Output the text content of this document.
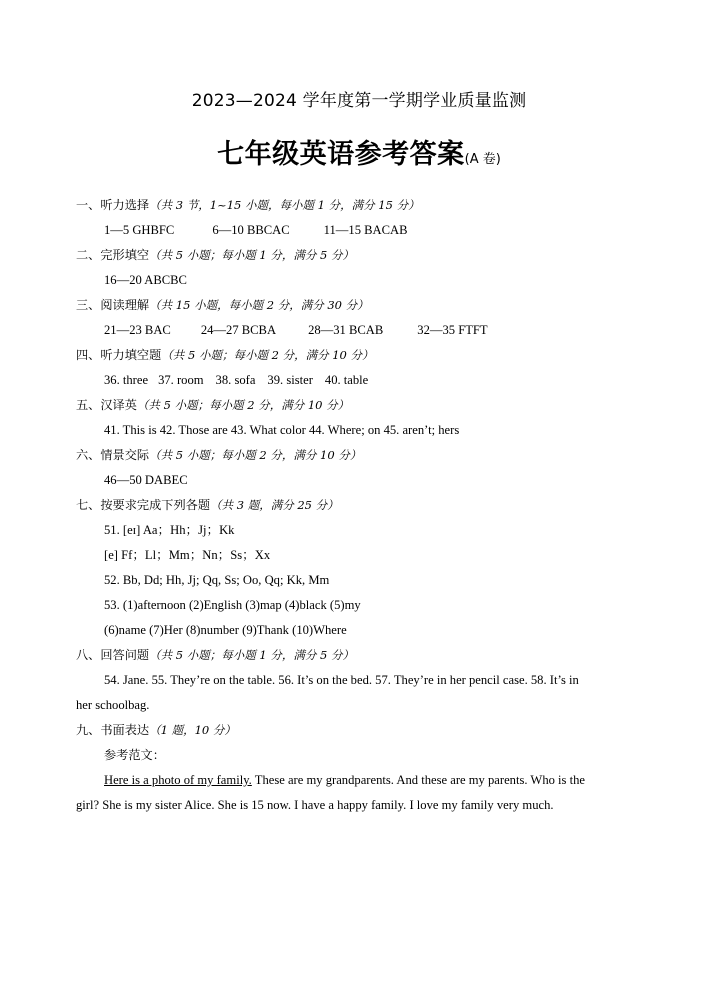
2023—2024 学年度第一学期学业质量监测
七年级英语参考答案(A 卷)
一、听力选择（共 3 节，1~15 小题，每小题 1 分，满分 15 分）
1—5 GHBFC	6—10 BBCAC	11—15 BACAB
二、完形填空（共 5 小题；每小题 1 分，满分 5 分）
16—20 ABCBC
三、阅读理解（共 15 小题，每小题 2 分，满分 30 分）
21—23 BAC 24—27 BCBA	28—31 BCAB	32—35 FTFT
四、听力填空题（共 5 小题；每小题 2 分，满分 10 分）
36. three 37. room 38. sofa 39. sister 40. table
五、汉译英（共 5 小题；每小题 2 分，满分 10 分）
41. This is 42. Those are 43. What color 44. Where; on 45. aren’t; hers
六、情景交际（共 5 小题；每小题 2 分，满分 10 分）
46—50 DABEC
七、按要求完成下列各题（共 3 题，满分 25 分）
51. [eɪ] Aa；Hh；Jj；Kk
[e] Ff；Ll；Mm；Nn；Ss；Xx
52. Bb, Dd; Hh, Jj; Qq, Ss; Oo, Qq; Kk, Mm
53. (1)afternoon (2)English (3)map (4)black (5)my
(6)name (7)Her (8)number (9)Thank (10)Where
八、回答问题（共 5 小题；每小题 1 分，满分 5 分）
54. Jane. 55. They’re on the table. 56. It’s on the bed. 57. They’re in her pencil case. 58. It’s in
her schoolbag.
九、书面表达（1 题，10 分）
参考范文：
Here is a photo of my family. These are my grandparents. And these are my parents. Who is the
girl? She is my sister Alice. She is 15 now. I have a happy family. I love my family very much.
